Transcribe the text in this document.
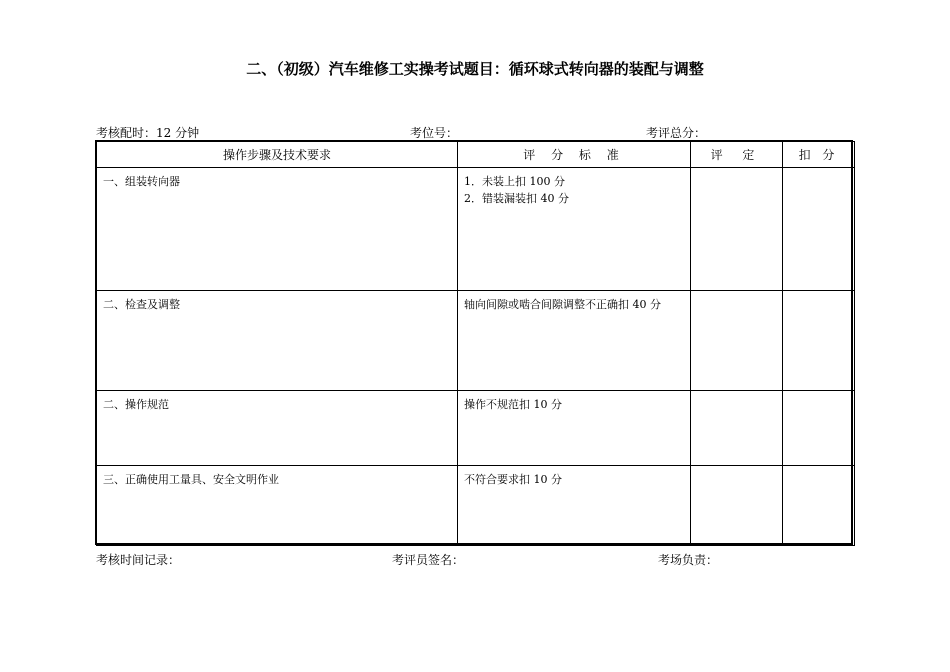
二、（初级）汽车维修工实操考试题目：循环球式转向器的装配与调整
考核配时：12 分钟	考位号：	考评总分：
操作步骤及技术要求	评 分 标 准	评 定	扣 分

一、组装转向器	1．未装上扣 100 分
2．错装漏装扣 40 分		

二、检查及调整	轴向间隙或啮合间隙调整不正确扣 40 分		

二、操作规范	操作不规范扣 10 分		

三、正确使用工量具、安全文明作业	不符合要求扣 10 分		

考核时间记录：	考评员签名：	考场负责：
